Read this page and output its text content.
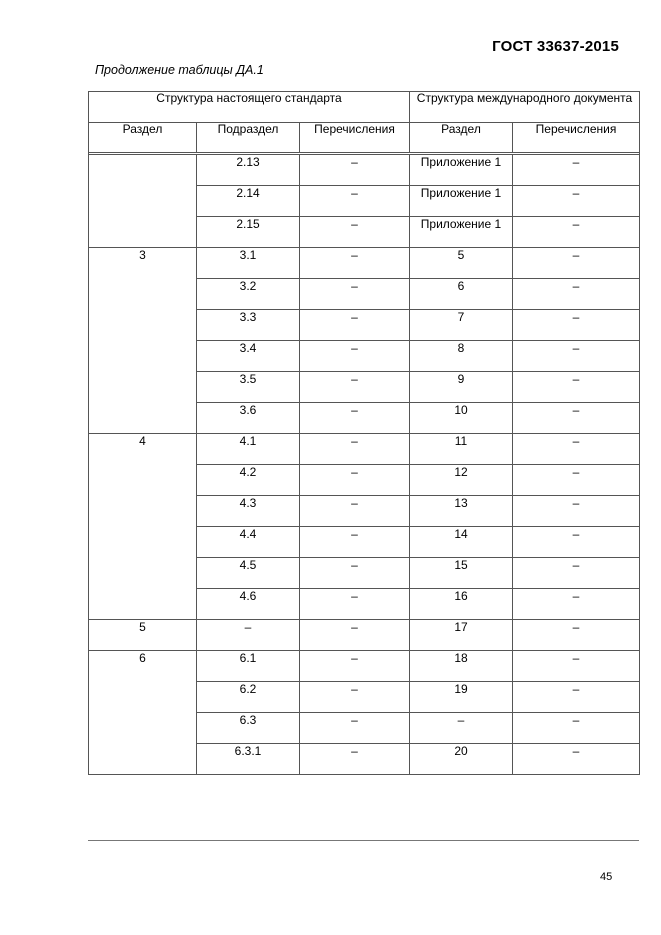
ГОСТ 33637-2015
Продолжение таблицы ДА.1
Структура настоящего стандарта			Структура международного документа	
Раздел	Подраздел	Перечисления	Раздел	Перечисления

	2.13	–	Приложение 1	–
	2.14	–	Приложение 1	–
	2.15	–	Приложение 1	–
3	3.1	–	5	–
	3.2	–	6	–
	3.3	–	7	–
	3.4	–	8	–
	3.5	–	9	–
	3.6	–	10	–
4	4.1	–	11	–
	4.2	–	12	–
	4.3	–	13	–
	4.4	–	14	–
	4.5	–	15	–
	4.6	–	16	–
5	–	–	17	–
6	6.1	–	18	–
	6.2	–	19	–
	6.3	–	–	–
	6.3.1	–	20	–
45
